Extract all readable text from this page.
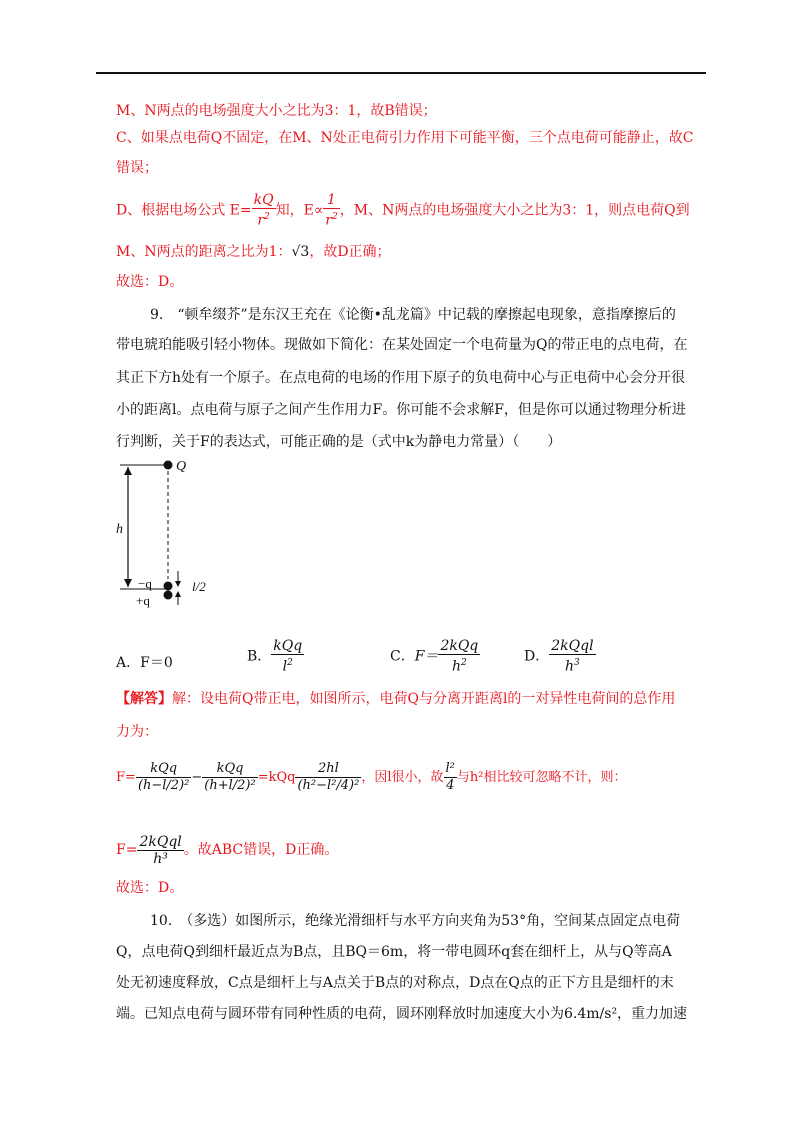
M、N两点的电场强度大小之比为3：1，故B错误；
C、如果点电荷Q不固定，在M、N处正电荷引力作用下可能平衡，三个点电荷可能静止，故C
错误；
D、根据电场公式 $E= \frac{kQ}{r^2}$ 知，$E\propto \frac{1}{r^2}$ ，M、N两点的电场强度大小之比为3：1，则点电荷Q到
M、N两点的距离之比为1：√3，故D正确；
故选：D。
9.　“顿牟缀芥”是东汉王充在《论衡•乱龙篇》中记载的摩擦起电现象，意指摩擦后的
带电琥珀能吸引轻小物体。现做如下简化：在某处固定一个电荷量为Q的带正电的点电荷，在
其正下方h处有一个原子。在点电荷的电场的作用下原子的负电荷中心与正电荷中心会分开很
小的距离l。点电荷与原子之间产生作用力F。你可能不会求解F，但是你可以通过物理分析进
行判断，关于F的表达式，可能正确的是（式中k为静电力常量）（　　）
h
Q
−q
+q
l/2
A．F＝0	B． $\frac{\text{kQq}}{l^2}$	C．$F= \frac{\text{2kQq}}{h^2}$	D． $\frac{\text{2kQql}}{h^3}$
【解答】解：设电荷Q带正电，如图所示，电荷Q与分离开距离l的一对异性电荷间的总作用
力为：
$F= \frac{\text{kQq}}{\text{(h−l/2)²}} - \frac{\text{kQq}}{\text{(h+l/2)²}} =kQq \frac{2hl}{\text{(h²−l²/4)²}}$ ，因l很小，故 $\frac{\text{l²}}{4}$ 与h²相比较可忽略不计，则：
$F= \frac{\text{2kQql}}{\text{h³}}$ 。故ABC错误，D正确。
故选：D。
10.　（多选）如图所示，绝缘光滑细杆与水平方向夹角为53°角，空间某点固定点电荷
Q，点电荷Q到细杆最近点为B点，且BQ＝6m，将一带电圆环q套在细杆上，从与Q等高A
处无初速度释放，C点是细杆上与A点关于B点的对称点，D点在Q点的正下方且是细杆的末
端。已知点电荷与圆环带有同种性质的电荷，圆环刚释放时加速度大小为6.4m/s²，重力加速
